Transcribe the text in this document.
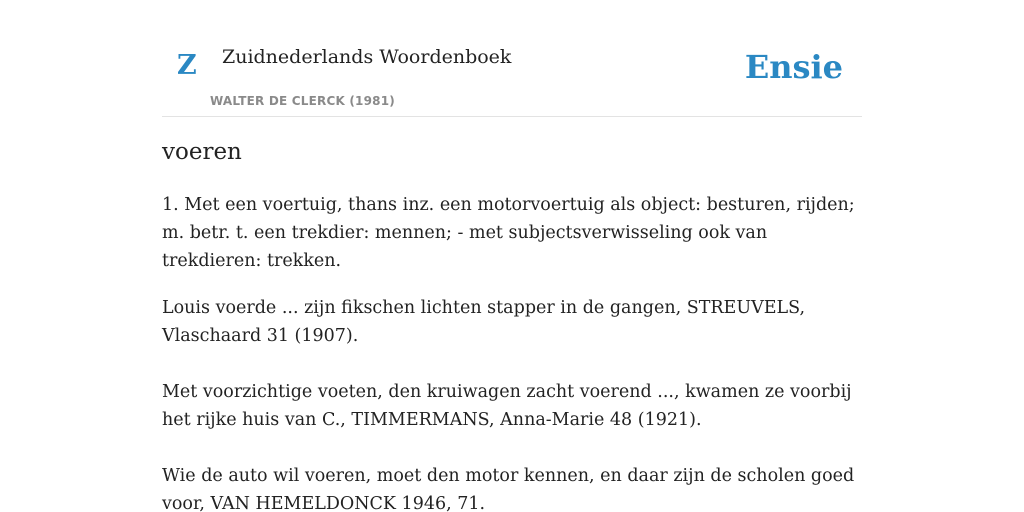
Z Zuidnederlands Woordenboek
WALTER DE CLERCK (1981)
Ensie
voeren

1. Met een voertuig, thans inz. een motorvoertuig als object: besturen, rijden; m. betr. t. een trekdier: mennen; - met subjectsverwisseling ook van trekdieren: trekken.

Louis voerde ... zijn fikschen lichten stapper in de gangen, STREUVELS, Vlaschaard 31 (1907).

Met voorzichtige voeten, den kruiwagen zacht voerend ..., kwamen ze voorbij het rijke huis van C., TIMMERMANS, Anna-Marie 48 (1921).

Wie de auto wil voeren, moet den motor kennen, en daar zijn de scholen goed voor, VAN HEMELDONCK 1946, 71.
